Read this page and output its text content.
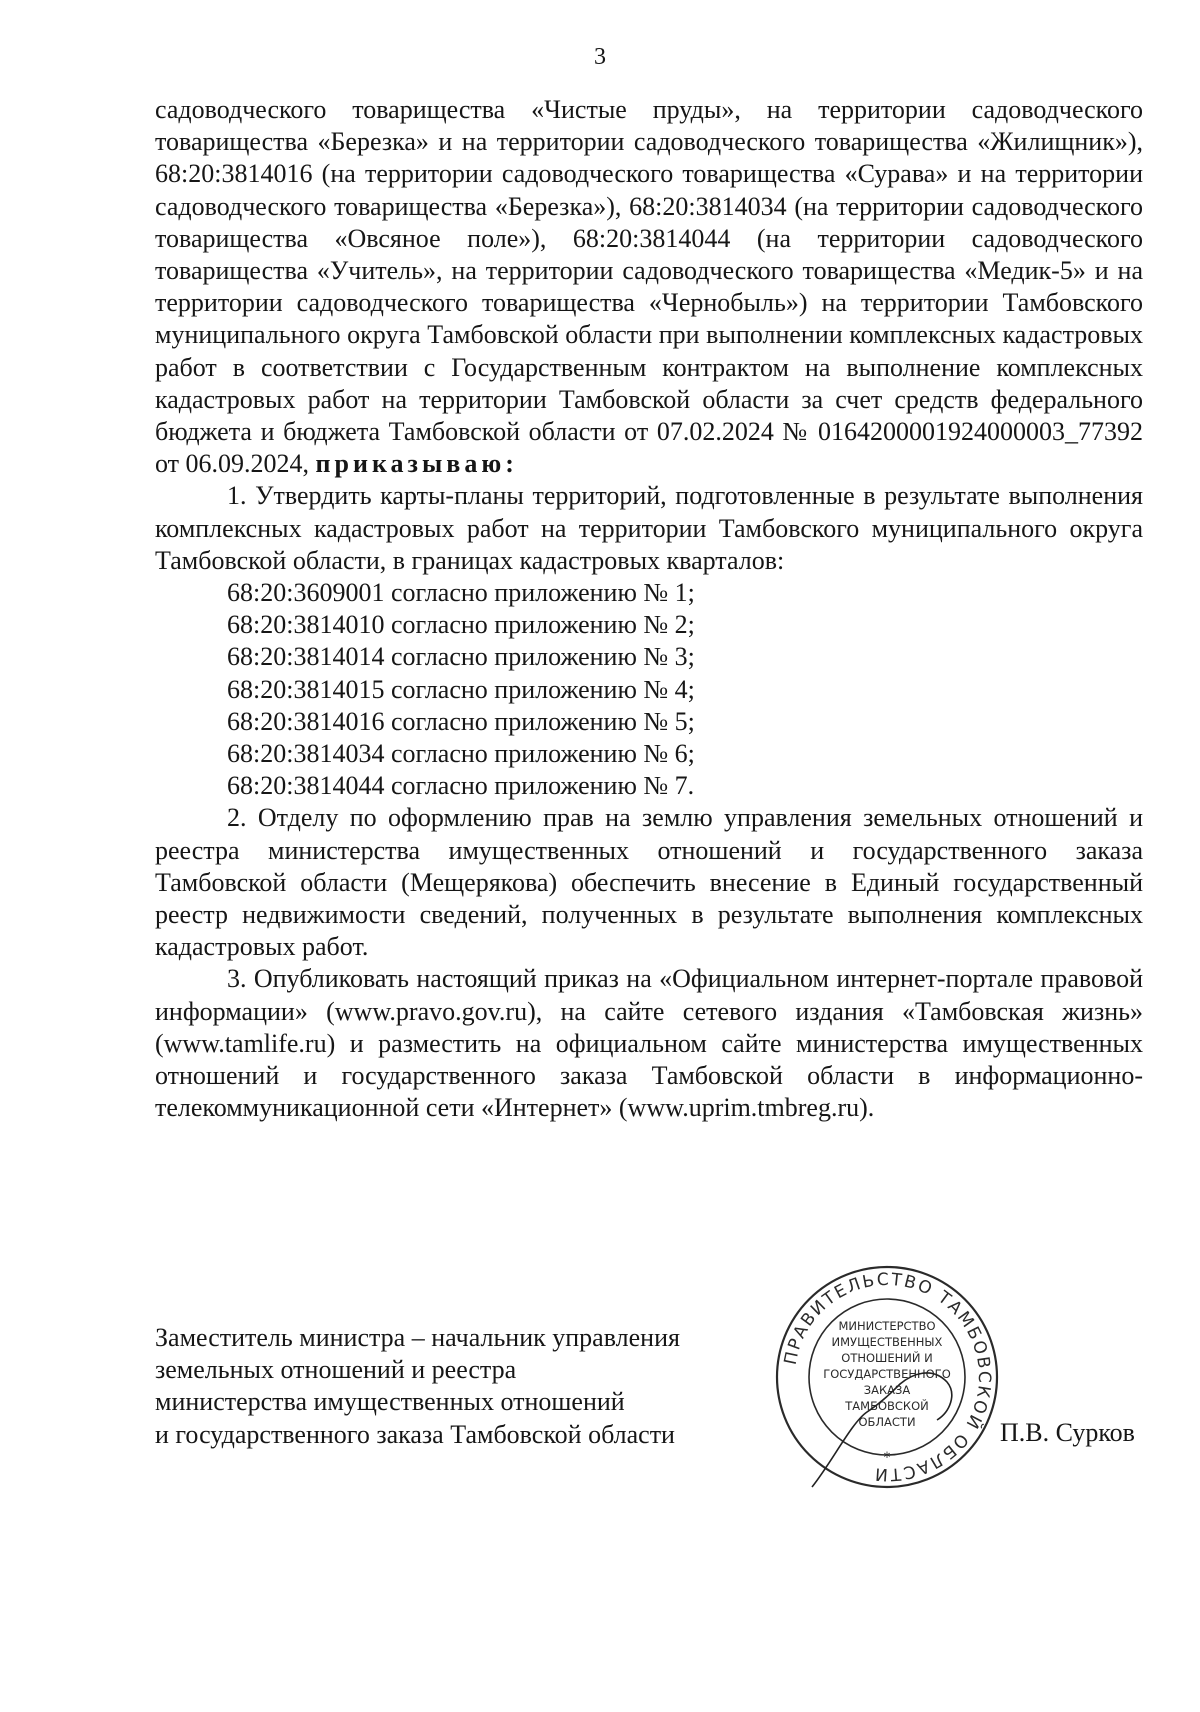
3

садоводческого товарищества «Чистые пруды», на территории садоводческого товарищества «Березка» и на территории садоводческого товарищества «Жилищник»), 68:20:3814016 (на территории садоводческого товарищества «Сурава» и на территории садоводческого товарищества «Березка»), 68:20:3814034 (на территории садоводческого товарищества «Овсяное поле»), 68:20:3814044 (на территории садоводческого товарищества «Учитель», на территории садоводческого товарищества «Медик-5» и на территории садоводческого товарищества «Чернобыль») на территории Тамбовского муниципального округа Тамбовской области при выполнении комплексных кадастровых работ в соответствии с Государственным контрактом на выполнение комплексных кадастровых работ на территории Тамбовской области за счет средств федерального бюджета и бюджета Тамбовской области от 07.02.2024 № 0164200001924000003_77392 от 06.09.2024, приказываю:

1. Утвердить карты-планы территорий, подготовленные в результате выполнения комплексных кадастровых работ на территории Тамбовского муниципального округа Тамбовской области, в границах кадастровых кварталов:

68:20:3609001 согласно приложению № 1;
68:20:3814010 согласно приложению № 2;
68:20:3814014 согласно приложению № 3;
68:20:3814015 согласно приложению № 4;
68:20:3814016 согласно приложению № 5;
68:20:3814034 согласно приложению № 6;
68:20:3814044 согласно приложению № 7.

2. Отделу по оформлению прав на землю управления земельных отношений и реестра министерства имущественных отношений и государственного заказа Тамбовской области (Мещерякова) обеспечить внесение в Единый государственный реестр недвижимости сведений, полученных в результате выполнения комплексных кадастровых работ.

3. Опубликовать настоящий приказ на «Официальном интернет-портале правовой информации» (www.pravo.gov.ru), на сайте сетевого издания «Тамбовская жизнь» (www.tamlife.ru) и разместить на официальном сайте министерства имущественных отношений и государственного заказа Тамбовской области в информационно-телекоммуникационной сети «Интернет» (www.uprim.tmbreg.ru).

Заместитель министра – начальник управления
земельных отношений и реестра
министерства имущественных отношений
и государственного заказа Тамбовской области
ПРАВИТЕЛЬСТВО ТАМБОВСКОЙ ОБЛАСТИ
МИНИСТЕРСТВО
ИМУЩЕСТВЕННЫХ
ОТНОШЕНИЙ И
ГОСУДАРСТВЕННОГО
ЗАКАЗА
ТАМБОВСКОЙ
ОБЛАСТИ
*
П.В. Сурков
